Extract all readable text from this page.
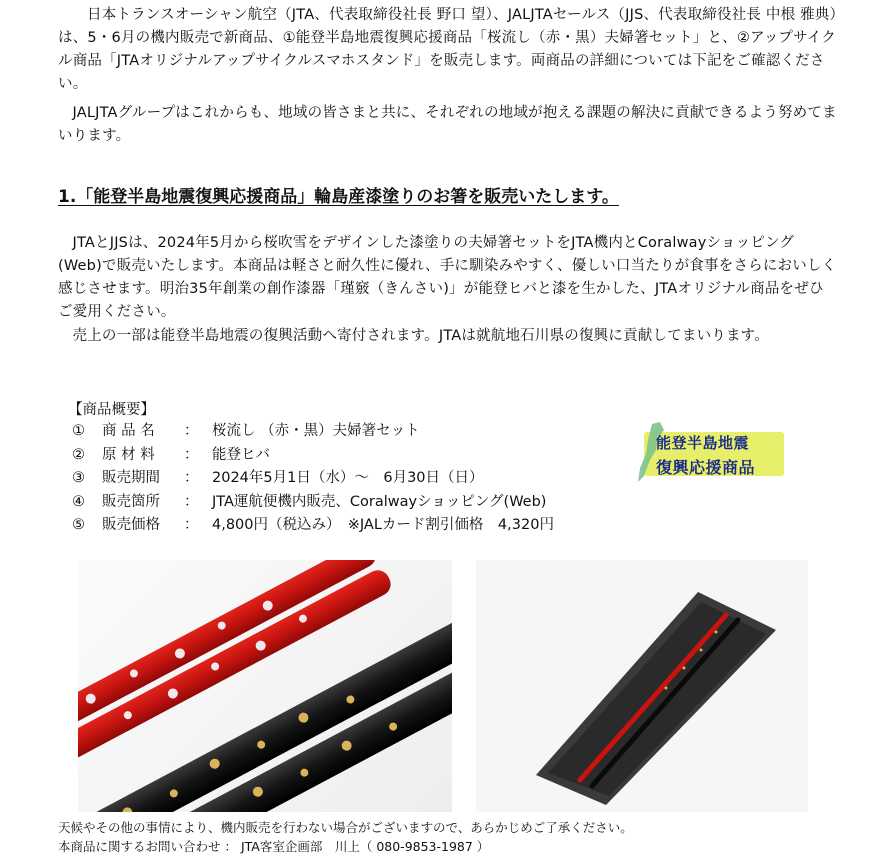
日本トランスオーシャン航空（JTA、代表取締役社長 野口 望）、JALJTAセールス（JJS、代表取締役社長 中根 雅典）は、5・6月の機内販売で新商品、①能登半島地震復興応援商品「桜流し（赤・黒）夫婦箸セット」と、②アップサイクル商品「JTAオリジナルアップサイクルスマホスタンド」を販売します。両商品の詳細については下記をご確認ください。

JALJTAグループはこれからも、地域の皆さまと共に、それぞれの地域が抱える課題の解決に貢献できるよう努めてまいります。

1.「能登半島地震復興応援商品」輪島産漆塗りのお箸を販売いたします。

JTAとJJSは、2024年5月から桜吹雪をデザインした漆塗りの夫婦箸セットをJTA機内とCoralwayショッピング(Web)で販売いたします。本商品は軽さと耐久性に優れ、手に馴染みやすく、優しい口当たりが食事をさらにおいしく感じさせます。明治35年創業の創作漆器「瑾竅（きんさい)」が能登ヒバと漆を生かした、JTAオリジナル商品をぜひご愛用ください。

売上の一部は能登半島地震の復興活動へ寄付されます。JTAは就航地石川県の復興に貢献してまいります。

【商品概要】

①	商 品 名	： 桜流し （赤・黒）夫婦箸セット
②	原 材 料	： 能登ヒバ
③	販売期間	： 2024年5月1日（水）～　6月30日（日）
④	販売箇所	： JTA運航便機内販売、Coralwayショッピング(Web)
⑤	販売価格	： 4,800円（税込み）　※JALカード割引価格　4,320円
能登半島地震
復興応援商品

天候やその他の事情により、機内販売を行わない場合がございますので、あらかじめご了承ください。

本商品に関するお問い合わせ ： JTA客室企画部　川上（ 080-9853-1987 ）
